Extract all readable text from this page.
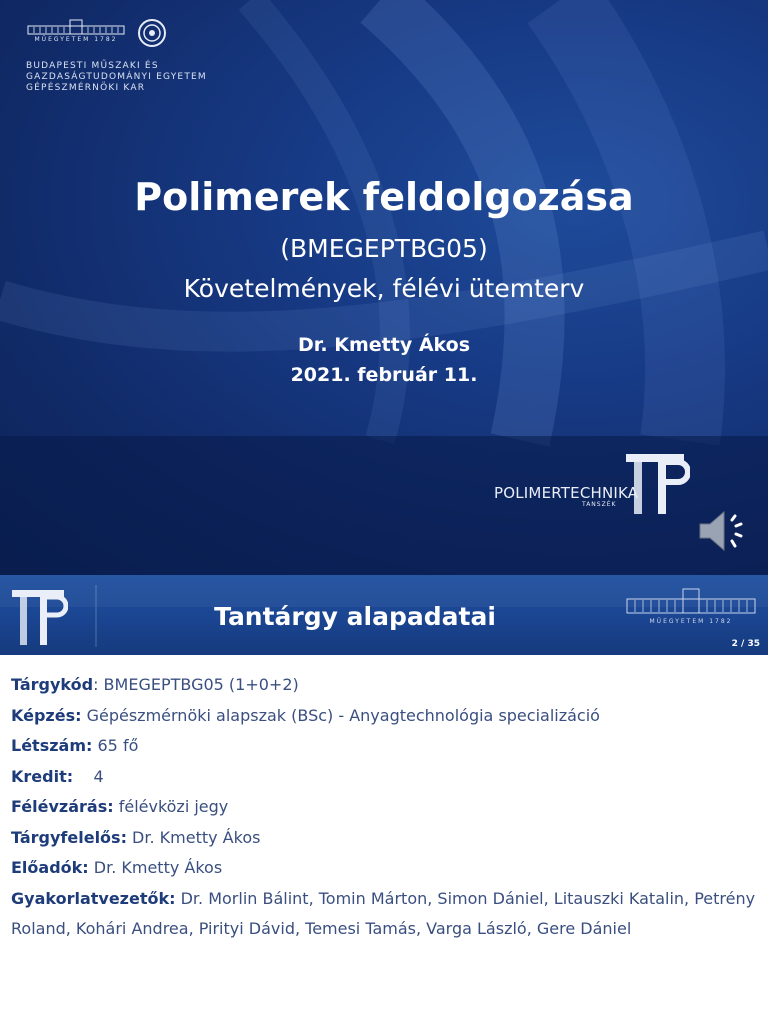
MŰEGYETEM 1782
BUDAPESTI MŰSZAKI ÉS
GAZDASÁGTUDOMÁNYI EGYETEM
GÉPÉSZMÉRNÖKI KAR
Polimerek feldolgozása
(BMEGEPTBG05)
Követelmények, félévi ütemterv
Dr. Kmetty Ákos
2021. február 11.
POLIMERTECHNIKA
TANSZÉK
Tantárgy alapadatai	MŰEGYETEM 1782
2 / 35
Tárgykód: BMEGEPTBG05 (1+0+2)
Képzés: Gépészmérnöki alapszak (BSc) - Anyagtechnológia specializáció
Létszám: 65 fő
Kredit:    4
Félévzárás: félévközi jegy
Tárgyfelelős: Dr. Kmetty Ákos
Előadók: Dr. Kmetty Ákos
Gyakorlatvezetők: Dr. Morlin Bálint, Tomin Márton, Simon Dániel, Litauszki Katalin, Petrény Roland, Kohári Andrea, Pirityi Dávid, Temesi Tamás, Varga László, Gere Dániel
